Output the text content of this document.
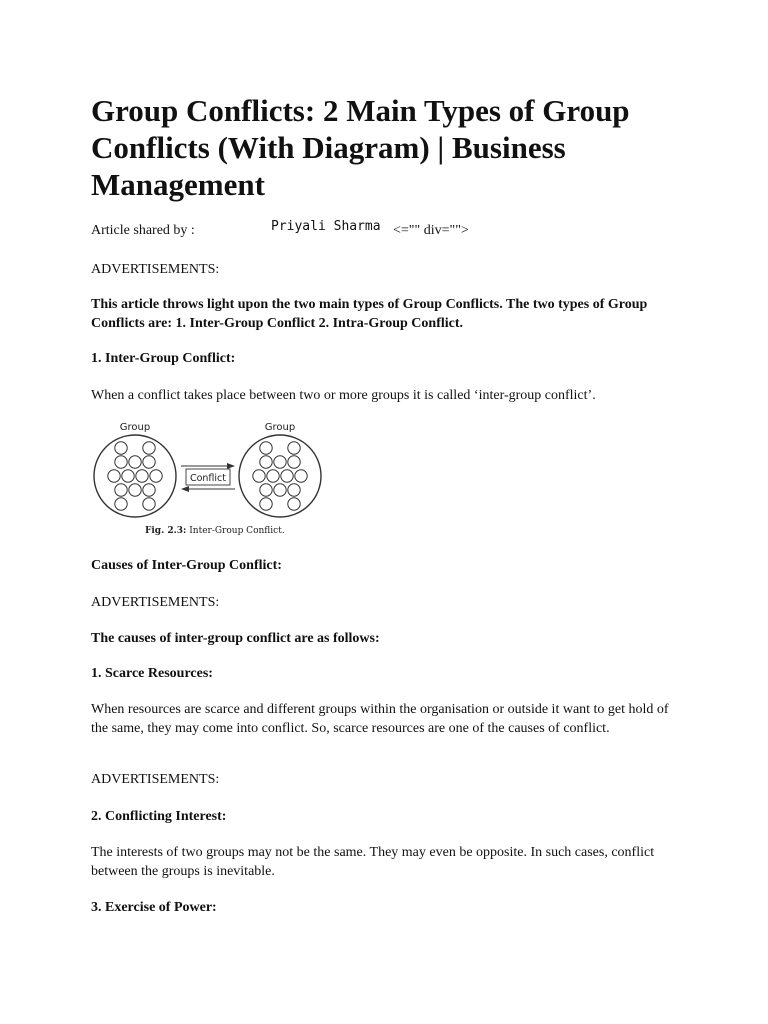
Group Conflicts: 2 Main Types of Group Conflicts (With Diagram) | Business Management
Article shared by :	Priyali Sharma <="" div="">

ADVERTISEMENTS:

This article throws light upon the two main types of Group Conflicts. The two types of Group Conflicts are: 1. Inter-Group Conflict 2. Intra-Group Conflict.

1. Inter-Group Conflict:

When a conflict takes place between two or more groups it is called ‘inter-group conflict’.

Causes of Inter-Group Conflict:

ADVERTISEMENTS:

The causes of inter-group conflict are as follows:

1. Scarce Resources:

When resources are scarce and different groups within the organisation or outside it want to get hold of the same, they may come into conflict. So, scarce resources are one of the causes of conflict.

ADVERTISEMENTS:

2. Conflicting Interest:

The interests of two groups may not be the same. They may even be opposite. In such cases, conflict between the groups is inevitable.

3. Exercise of Power:

Group	Group
Conflict
Fig. 2.3: Inter-Group Conflict.
